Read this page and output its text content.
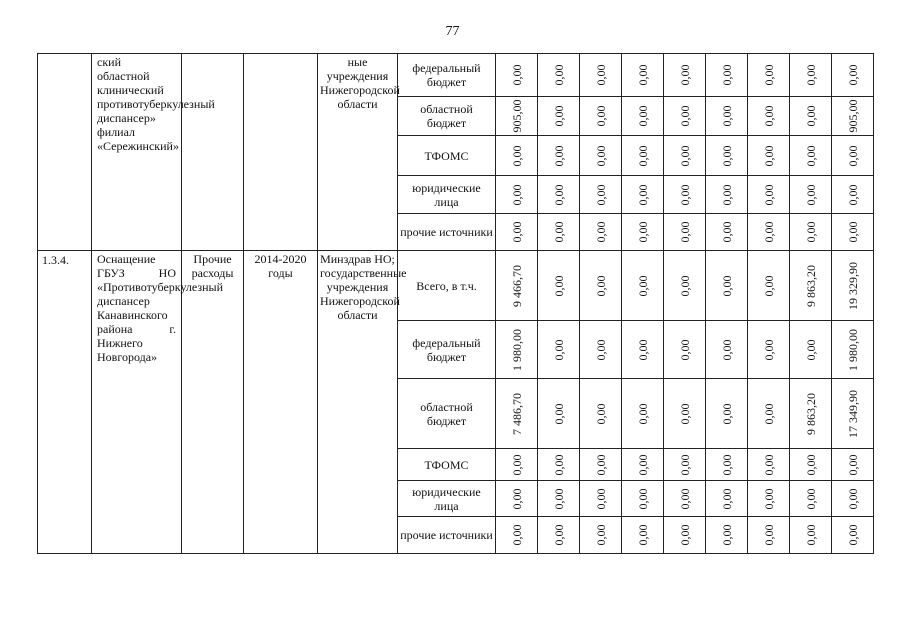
77
	ский областной клинический противотуберкулезный диспансер» филиал «Сережинский»			ные учреждения Нижегородской области	федеральный бюджет	0,00	0,00	0,00	0,00	0,00	0,00	0,00	0,00	0,00

					областной бюджет	905,00	0,00	0,00	0,00	0,00	0,00	0,00	0,00	905,00

					ТФОМС	0,00	0,00	0,00	0,00	0,00	0,00	0,00	0,00	0,00

					юридические лица	0,00	0,00	0,00	0,00	0,00	0,00	0,00	0,00	0,00

					прочие источники	0,00	0,00	0,00	0,00	0,00	0,00	0,00	0,00	0,00

1.3.4.	Оснащение ГБУЗ НО «Противотуберкулезный диспансер Канавинского района г. Нижнего Новгорода»	Прочие расходы	2014-2020 годы	Минздрав НО; государственные учреждения Нижегородской области	Всего, в т.ч.	9 466,70	0,00	0,00	0,00	0,00	0,00	0,00	9 863,20	19 329,90

					федеральный бюджет	1 980,00	0,00	0,00	0,00	0,00	0,00	0,00	0,00	1 980,00

					областной бюджет	7 486,70	0,00	0,00	0,00	0,00	0,00	0,00	9 863,20	17 349,90

					ТФОМС	0,00	0,00	0,00	0,00	0,00	0,00	0,00	0,00	0,00

					юридические лица	0,00	0,00	0,00	0,00	0,00	0,00	0,00	0,00	0,00

					прочие источники	0,00	0,00	0,00	0,00	0,00	0,00	0,00	0,00	0,00
